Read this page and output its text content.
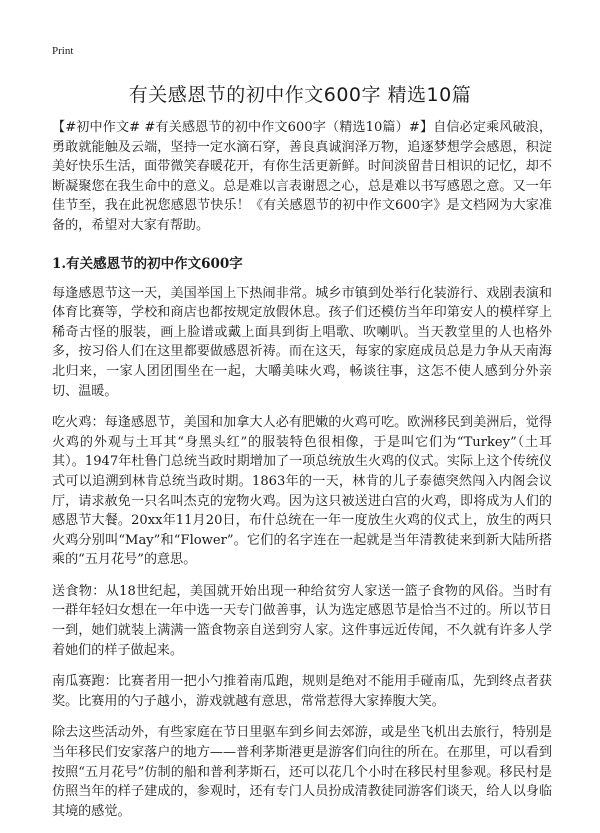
Print
有关感恩节的初中作文600字 精选10篇

【#初中作文# #有关感恩节的初中作文600字（精选10篇）#】自信必定乘风破浪，勇敢就能触及云端，坚持一定水滴石穿，善良真诚润泽万物，追逐梦想学会感恩，积淀美好快乐生活，面带微笑春暖花开，有你生活更新鲜。时间淡留昔日相识的记忆，却不断凝聚您在我生命中的意义。总是难以言表谢恩之心，总是难以书写感恩之意。又一年佳节至，我在此祝您感恩节快乐！《有关感恩节的初中作文600字》是文档网为大家准备的，希望对大家有帮助。

1.有关感恩节的初中作文600字

每逢感恩节这一天，美国举国上下热闹非常。城乡市镇到处举行化装游行、戏剧表演和体育比赛等，学校和商店也都按规定放假休息。孩子们还模仿当年印第安人的模样穿上稀奇古怪的服装，画上脸谱或戴上面具到街上唱歌、吹喇叭。当天教堂里的人也格外多，按习俗人们在这里都要做感恩祈祷。而在这天，每家的家庭成员总是力争从天南海北归来，一家人团团围坐在一起，大嚼美味火鸡，畅谈往事，这怎不使人感到分外亲切、温暖。

吃火鸡：每逢感恩节，美国和加拿大人必有肥嫩的火鸡可吃。欧洲移民到美洲后，觉得火鸡的外观与土耳其“身黑头红”的服装特色很相像，于是叫它们为“Turkey”（土耳其）。1947年杜鲁门总统当政时期增加了一项总统放生火鸡的仪式。实际上这个传统仪式可以追溯到林肯总统当政时期。1863年的一天，林肯的儿子泰德突然闯入内阁会议厅，请求赦免一只名叫杰克的宠物火鸡。因为这只被送进白宫的火鸡，即将成为人们的感恩节大餐。20xx年11月20日，布什总统在一年一度放生火鸡的仪式上，放生的两只火鸡分别叫“May”和“Flower”。它们的名字连在一起就是当年清教徒来到新大陆所搭乘的“五月花号”的意思。

送食物：从18世纪起，美国就开始出现一种给贫穷人家送一篮子食物的风俗。当时有一群年轻妇女想在一年中选一天专门做善事，认为选定感恩节是恰当不过的。所以节日一到，她们就装上满满一篮食物亲自送到穷人家。这件事远近传闻，不久就有许多人学着她们的样子做起来。

南瓜赛跑：比赛者用一把小勺推着南瓜跑，规则是绝对不能用手碰南瓜，先到终点者获奖。比赛用的勺子越小，游戏就越有意思，常常惹得大家捧腹大笑。

除去这些活动外，有些家庭在节日里驱车到乡间去郊游，或是坐飞机出去旅行，特别是当年移民们安家落户的地方——普利茅斯港更是游客们向往的所在。在那里，可以看到按照“五月花号”仿制的船和普利茅斯石，还可以花几个小时在移民村里参观。移民村是仿照当年的样子建成的，参观时，还有专门人员扮成清教徒同游客们谈天，给人以身临其境的感觉。
